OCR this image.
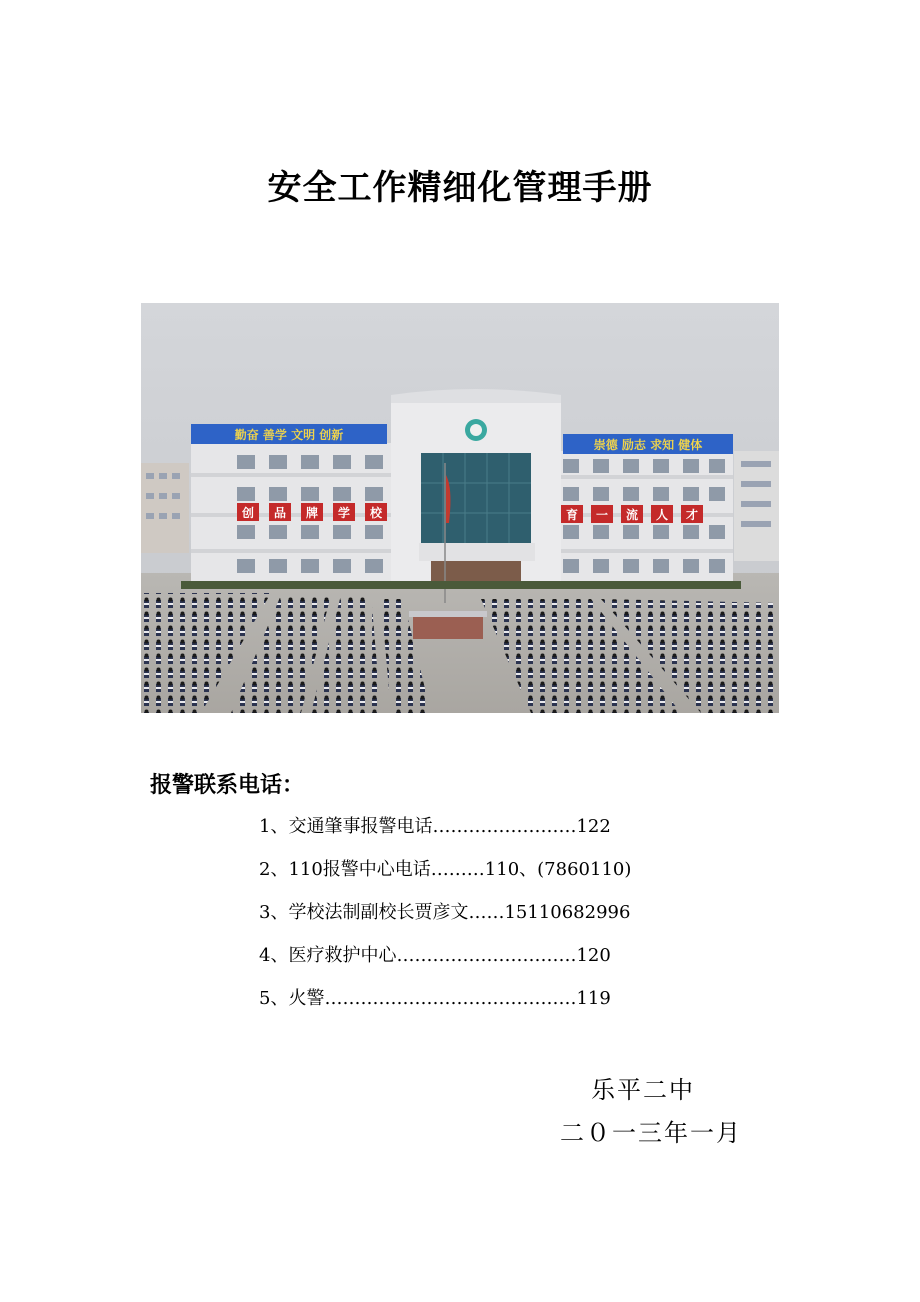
安全工作精细化管理手册
勤奋 善学 文明 创新
崇德 励志 求知 健体
创 品 牌 学 校	育 一 流 人 才
报警联系电话：
1、交通肇事报警电话……………………122
2、110报警中心电话………110、(7860110)
3、学校法制副校长贾彦文……15110682996
4、医疗救护中心…………………………120
5、火警……………………………………119
乐平二中
二０一三年一月
